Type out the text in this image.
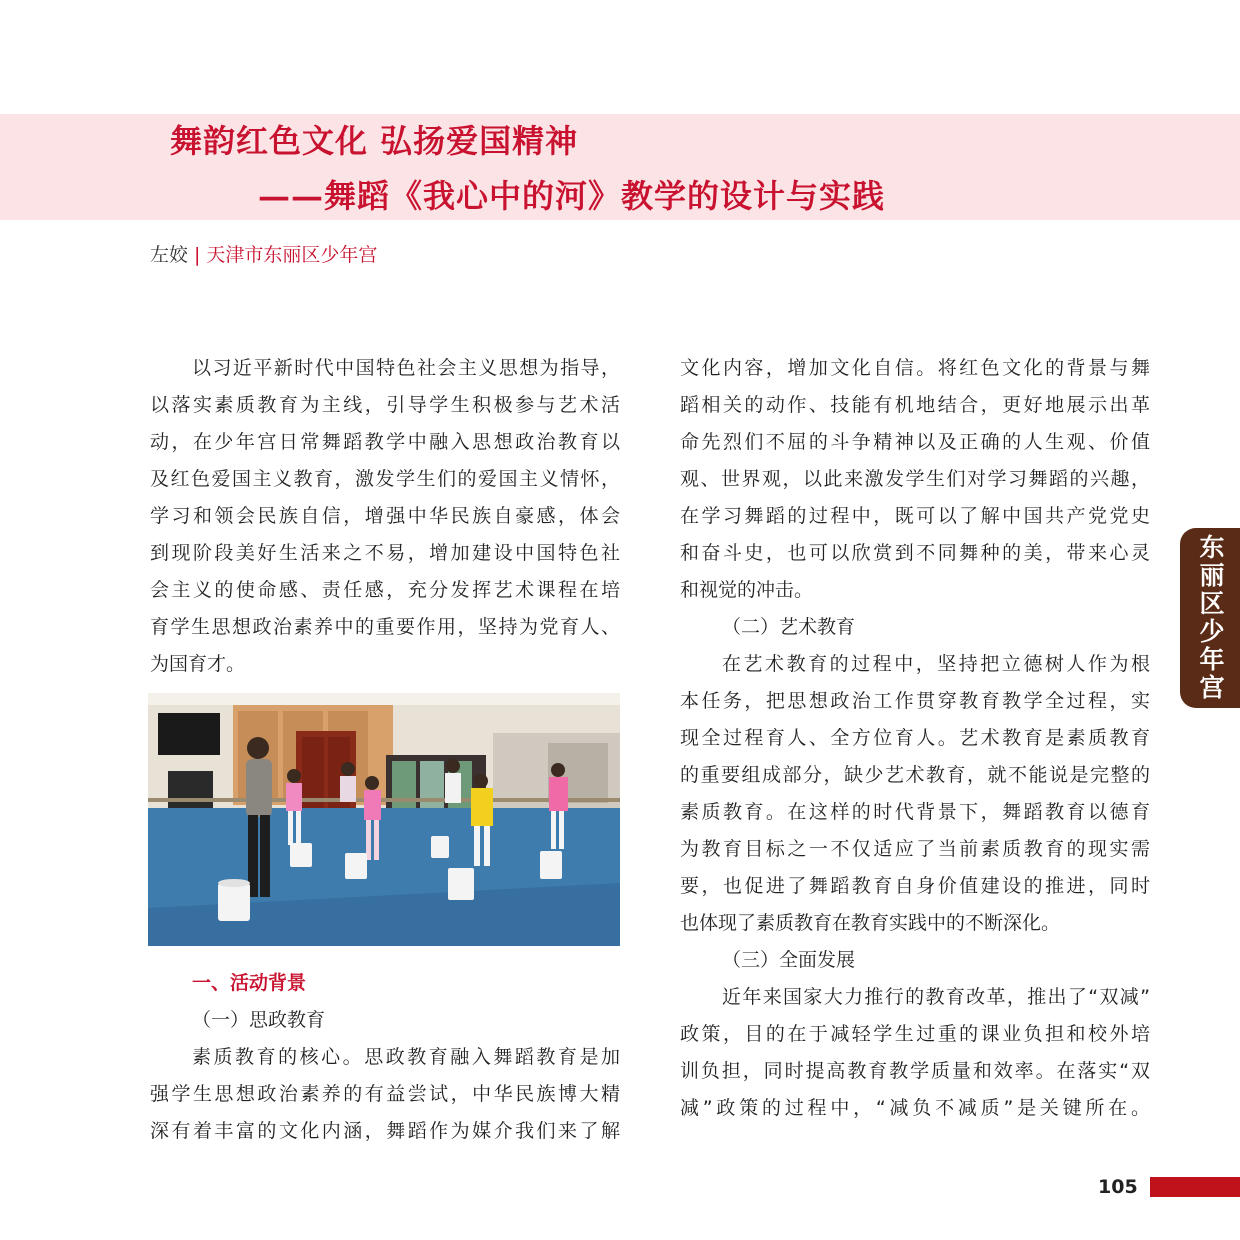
舞韵红色文化 弘扬爱国精神
——舞蹈《我心中的河》教学的设计与实践
左姣 | 天津市东丽区少年宫
以习近平新时代中国特色社会主义思想为指导，
以落实素质教育为主线，引导学生积极参与艺术活
动，在少年宫日常舞蹈教学中融入思想政治教育以
及红色爱国主义教育，激发学生们的爱国主义情怀，
学习和领会民族自信，增强中华民族自豪感，体会
到现阶段美好生活来之不易，增加建设中国特色社
会主义的使命感、责任感，充分发挥艺术课程在培
育学生思想政治素养中的重要作用，坚持为党育人、
为国育才。
一、活动背景
（一）思政教育
素质教育的核心。思政教育融入舞蹈教育是加
强学生思想政治素养的有益尝试，中华民族博大精
深有着丰富的文化内涵，舞蹈作为媒介我们来了解
文化内容，增加文化自信。将红色文化的背景与舞
蹈相关的动作、技能有机地结合，更好地展示出革
命先烈们不屈的斗争精神以及正确的人生观、价值
观、世界观，以此来激发学生们对学习舞蹈的兴趣，
在学习舞蹈的过程中，既可以了解中国共产党党史
和奋斗史，也可以欣赏到不同舞种的美，带来心灵
和视觉的冲击。
（二）艺术教育
在艺术教育的过程中，坚持把立德树人作为根
本任务，把思想政治工作贯穿教育教学全过程，实
现全过程育人、全方位育人。艺术教育是素质教育
的重要组成部分，缺少艺术教育，就不能说是完整的
素质教育。在这样的时代背景下，舞蹈教育以德育
为教育目标之一不仅适应了当前素质教育的现实需
要，也促进了舞蹈教育自身价值建设的推进，同时
也体现了素质教育在教育实践中的不断深化。
（三）全面发展
近年来国家大力推行的教育改革，推出了“双减”
政策，目的在于减轻学生过重的课业负担和校外培
训负担，同时提高教育教学质量和效率。在落实“双
减”政策的过程中，“减负不减质”是关键所在。
东丽区少年宫
105
